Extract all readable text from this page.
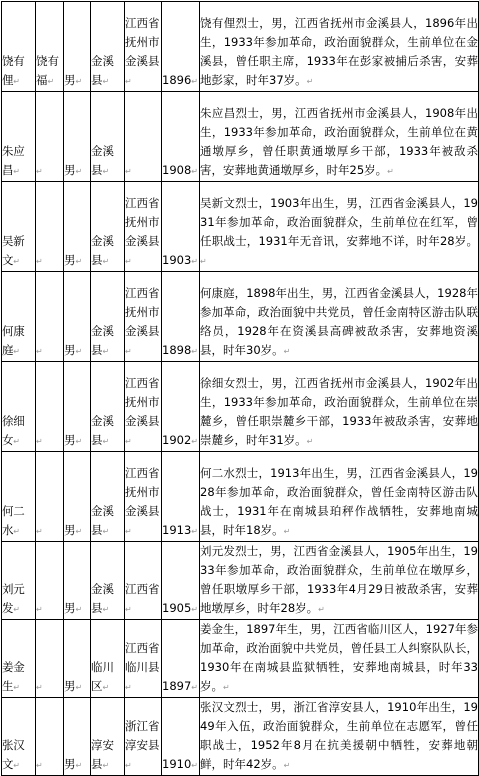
饶有俚↵	饶有福↵	男↵	金溪县↵	江西省抚州市金溪县↵	1896↵	饶有俚烈士，男，江西省抚州市金溪县人，1896年出生，1933年参加革命，政治面貌群众，生前单位在金溪县，曾任职主席，1933年在彭家被捕后杀害，安葬地彭家，时年37岁。↵
朱应昌↵	↵	男↵	金溪县↵	↵	1908↵	朱应昌烈士，男，江西省抚州市金溪县人，1908年出生，1933年参加革命，政治面貌群众，生前单位在黄通墩厚乡，曾任职黄通墩厚乡干部，1933年被敌杀害，安葬地黄通墩厚乡，时年25岁。↵
吴新文↵	↵	男↵	金溪县↵	江西省抚州市金溪县↵	1903↵	吴新文烈士，1903年出生，男，江西省金溪县人，1931年参加革命，政治面貌群众，生前单位在红军，曾任职战士，1931年无音讯，安葬地不详，时年28岁。↵
何康庭↵	↵	男↵	金溪县↵	江西省抚州市金溪县↵	1898↵	何康庭，1898年出生，男，江西省金溪县人，1928年参加革命，政治面貌中共党员，曾任金南特区游击队联络员，1928年在资溪县高碑被敌杀害，安葬地资溪县，时年30岁。↵
徐细女↵	↵	男↵	金溪县↵	江西省抚州市金溪县↵	1902↵	徐细女烈士，男，江西省抚州市金溪县人，1902年出生，1933年参加革命，政治面貌群众，生前单位在崇麓乡，曾任职崇麓乡干部，1933年被敌杀害，安葬地崇麓乡，时年31岁。↵
何二水↵	↵	男↵	金溪县↵	江西省抚州市金溪县↵	1913↵	何二水烈士，1913年出生，男，江西省金溪县人，1928年参加革命，政治面貌群众，曾任金南特区游击队战士，1931年在南城县珀秤作战牺牲，安葬地南城县，时年18岁。↵
刘元发↵	↵	男↵	金溪县↵	江西省↵	1905↵	刘元发烈士，男，江西省金溪县人，1905年出生，1933年参加革命，政治面貌群众，生前单位在墩厚乡，曾任职墩厚乡干部，1933年4月29日被敌杀害，安葬地墩厚乡，时年28岁。↵
姜金生↵	↵	男↵	临川区↵	江西省临川县↵	1897↵	姜金生，1897年生，男，江西省临川区人，1927年参加革命，政治面貌中共党员，曾任县工人纠察队队长，1930年在南城县监狱牺牲，安葬地南城县，时年33岁。↵
张汉文↵	↵	男↵	淳安县↵	浙江省淳安县↵	1910↵	张汉文烈士，男，浙江省淳安县人，1910年出生，1949年入伍，政治面貌群众，生前单位在志愿军，曾任职战士，1952年8月在抗美援朝中牺牲，安葬地朝鲜，时年42岁。↵
